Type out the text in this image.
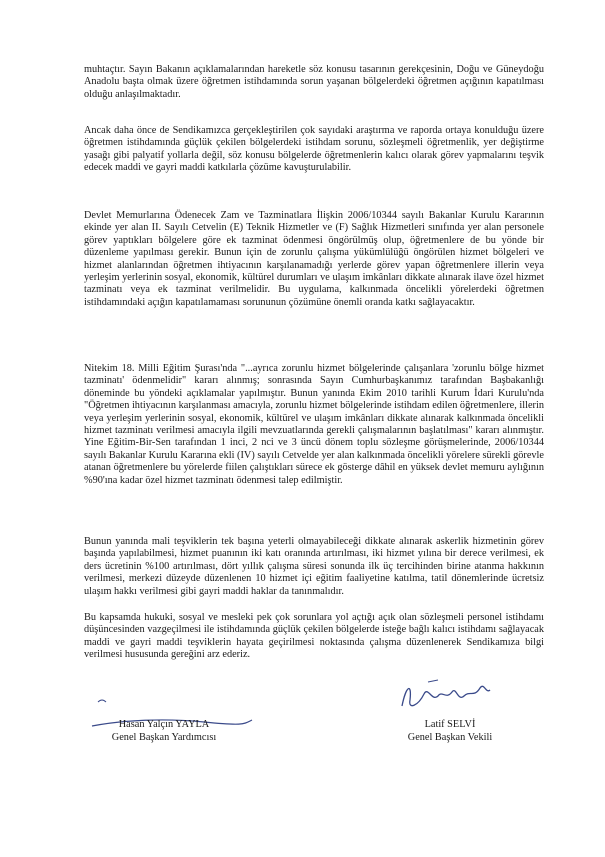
muhtaçtır. Sayın Bakanın açıklamalarından hareketle söz konusu tasarının gerekçesinin, Doğu ve Güneydoğu Anadolu başta olmak üzere öğretmen istihdamında sorun yaşanan bölgelerdeki öğretmen açığının kapatılması olduğu anlaşılmaktadır.

Ancak daha önce de Sendikamızca gerçekleştirilen çok sayıdaki araştırma ve raporda ortaya konulduğu üzere öğretmen istihdamında güçlük çekilen bölgelerdeki istihdam sorunu, sözleşmeli öğretmenlik, yer değiştirme yasağı gibi palyatif yollarla değil, söz konusu bölgelerde öğretmenlerin kalıcı olarak görev yapmalarını teşvik edecek maddi ve gayri maddi katkılarla çözüme kavuşturulabilir.

Devlet Memurlarına Ödenecek Zam ve Tazminatlara İlişkin 2006/10344 sayılı Bakanlar Kurulu Kararının ekinde yer alan II. Sayılı Cetvelin (E) Teknik Hizmetler ve (F) Sağlık Hizmetleri sınıfında yer alan personele görev yaptıkları bölgelere göre ek tazminat ödenmesi öngörülmüş olup, öğretmenlere de bu yönde bir düzenleme yapılması gerekir. Bunun için de zorunlu çalışma yükümlülüğü öngörülen hizmet bölgeleri ve hizmet alanlarından öğretmen ihtiyacının karşılanamadığı yerlerde görev yapan öğretmenlere illerin veya yerleşim yerlerinin sosyal, ekonomik, kültürel durumları ve ulaşım imkânları dikkate alınarak ilave özel hizmet tazminatı veya ek tazminat verilmelidir. Bu uygulama, kalkınmada öncelikli yörelerdeki öğretmen istihdamındaki açığın kapatılamaması sorununun çözümüne önemli oranda katkı sağlayacaktır.

Nitekim 18. Milli Eğitim Şurası'nda "...ayrıca zorunlu hizmet bölgelerinde çalışanlara 'zorunlu bölge hizmet tazminatı' ödenmelidir" kararı alınmış; sonrasında Sayın Cumhurbaşkanımız tarafından Başbakanlığı döneminde bu yöndeki açıklamalar yapılmıştır. Bunun yanında Ekim 2010 tarihli Kurum İdari Kurulu'nda "Öğretmen ihtiyacının karşılanması amacıyla, zorunlu hizmet bölgelerinde istihdam edilen öğretmenlere, illerin veya yerleşim yerlerinin sosyal, ekonomik, kültürel ve ulaşım imkânları dikkate alınarak kalkınmada öncelikli hizmet tazminatı verilmesi amacıyla ilgili mevzuatlarında gerekli çalışmalarının başlatılması" kararı alınmıştır. Yine Eğitim-Bir-Sen tarafından 1 inci, 2 nci ve 3 üncü dönem toplu sözleşme görüşmelerinde, 2006/10344 sayılı Bakanlar Kurulu Kararına ekli (IV) sayılı Cetvelde yer alan kalkınmada öncelikli yörelere sürekli görevle atanan öğretmenlere bu yörelerde fiilen çalıştıkları sürece ek gösterge dâhil en yüksek devlet memuru aylığının %90'ına kadar özel hizmet tazminatı ödenmesi talep edilmiştir.

Bunun yanında mali teşviklerin tek başına yeterli olmayabileceği dikkate alınarak askerlik hizmetinin görev başında yapılabilmesi, hizmet puanının iki katı oranında artırılması, iki hizmet yılına bir derece verilmesi, ek ders ücretinin %100 artırılması, dört yıllık çalışma süresi sonunda ilk üç tercihinden birine atanma hakkının verilmesi, merkezi düzeyde düzenlenen 10 hizmet içi eğitim faaliyetine katılma, tatil dönemlerinde ücretsiz ulaşım hakkı verilmesi gibi gayri maddi haklar da tanınmalıdır.

Bu kapsamda hukuki, sosyal ve mesleki pek çok sorunlara yol açtığı açık olan sözleşmeli personel istihdamı düşüncesinden vazgeçilmesi ile istihdamında güçlük çekilen bölgelerde isteğe bağlı kalıcı istihdamı sağlayacak maddi ve gayri maddi teşviklerin hayata geçirilmesi noktasında çalışma düzenlenerek Sendikamıza bilgi verilmesi hususunda gereğini arz ederiz.

Hasan Yalçın YAYLA
Genel Başkan Yardımcısı
Latif SELVİ
Genel Başkan Vekili
